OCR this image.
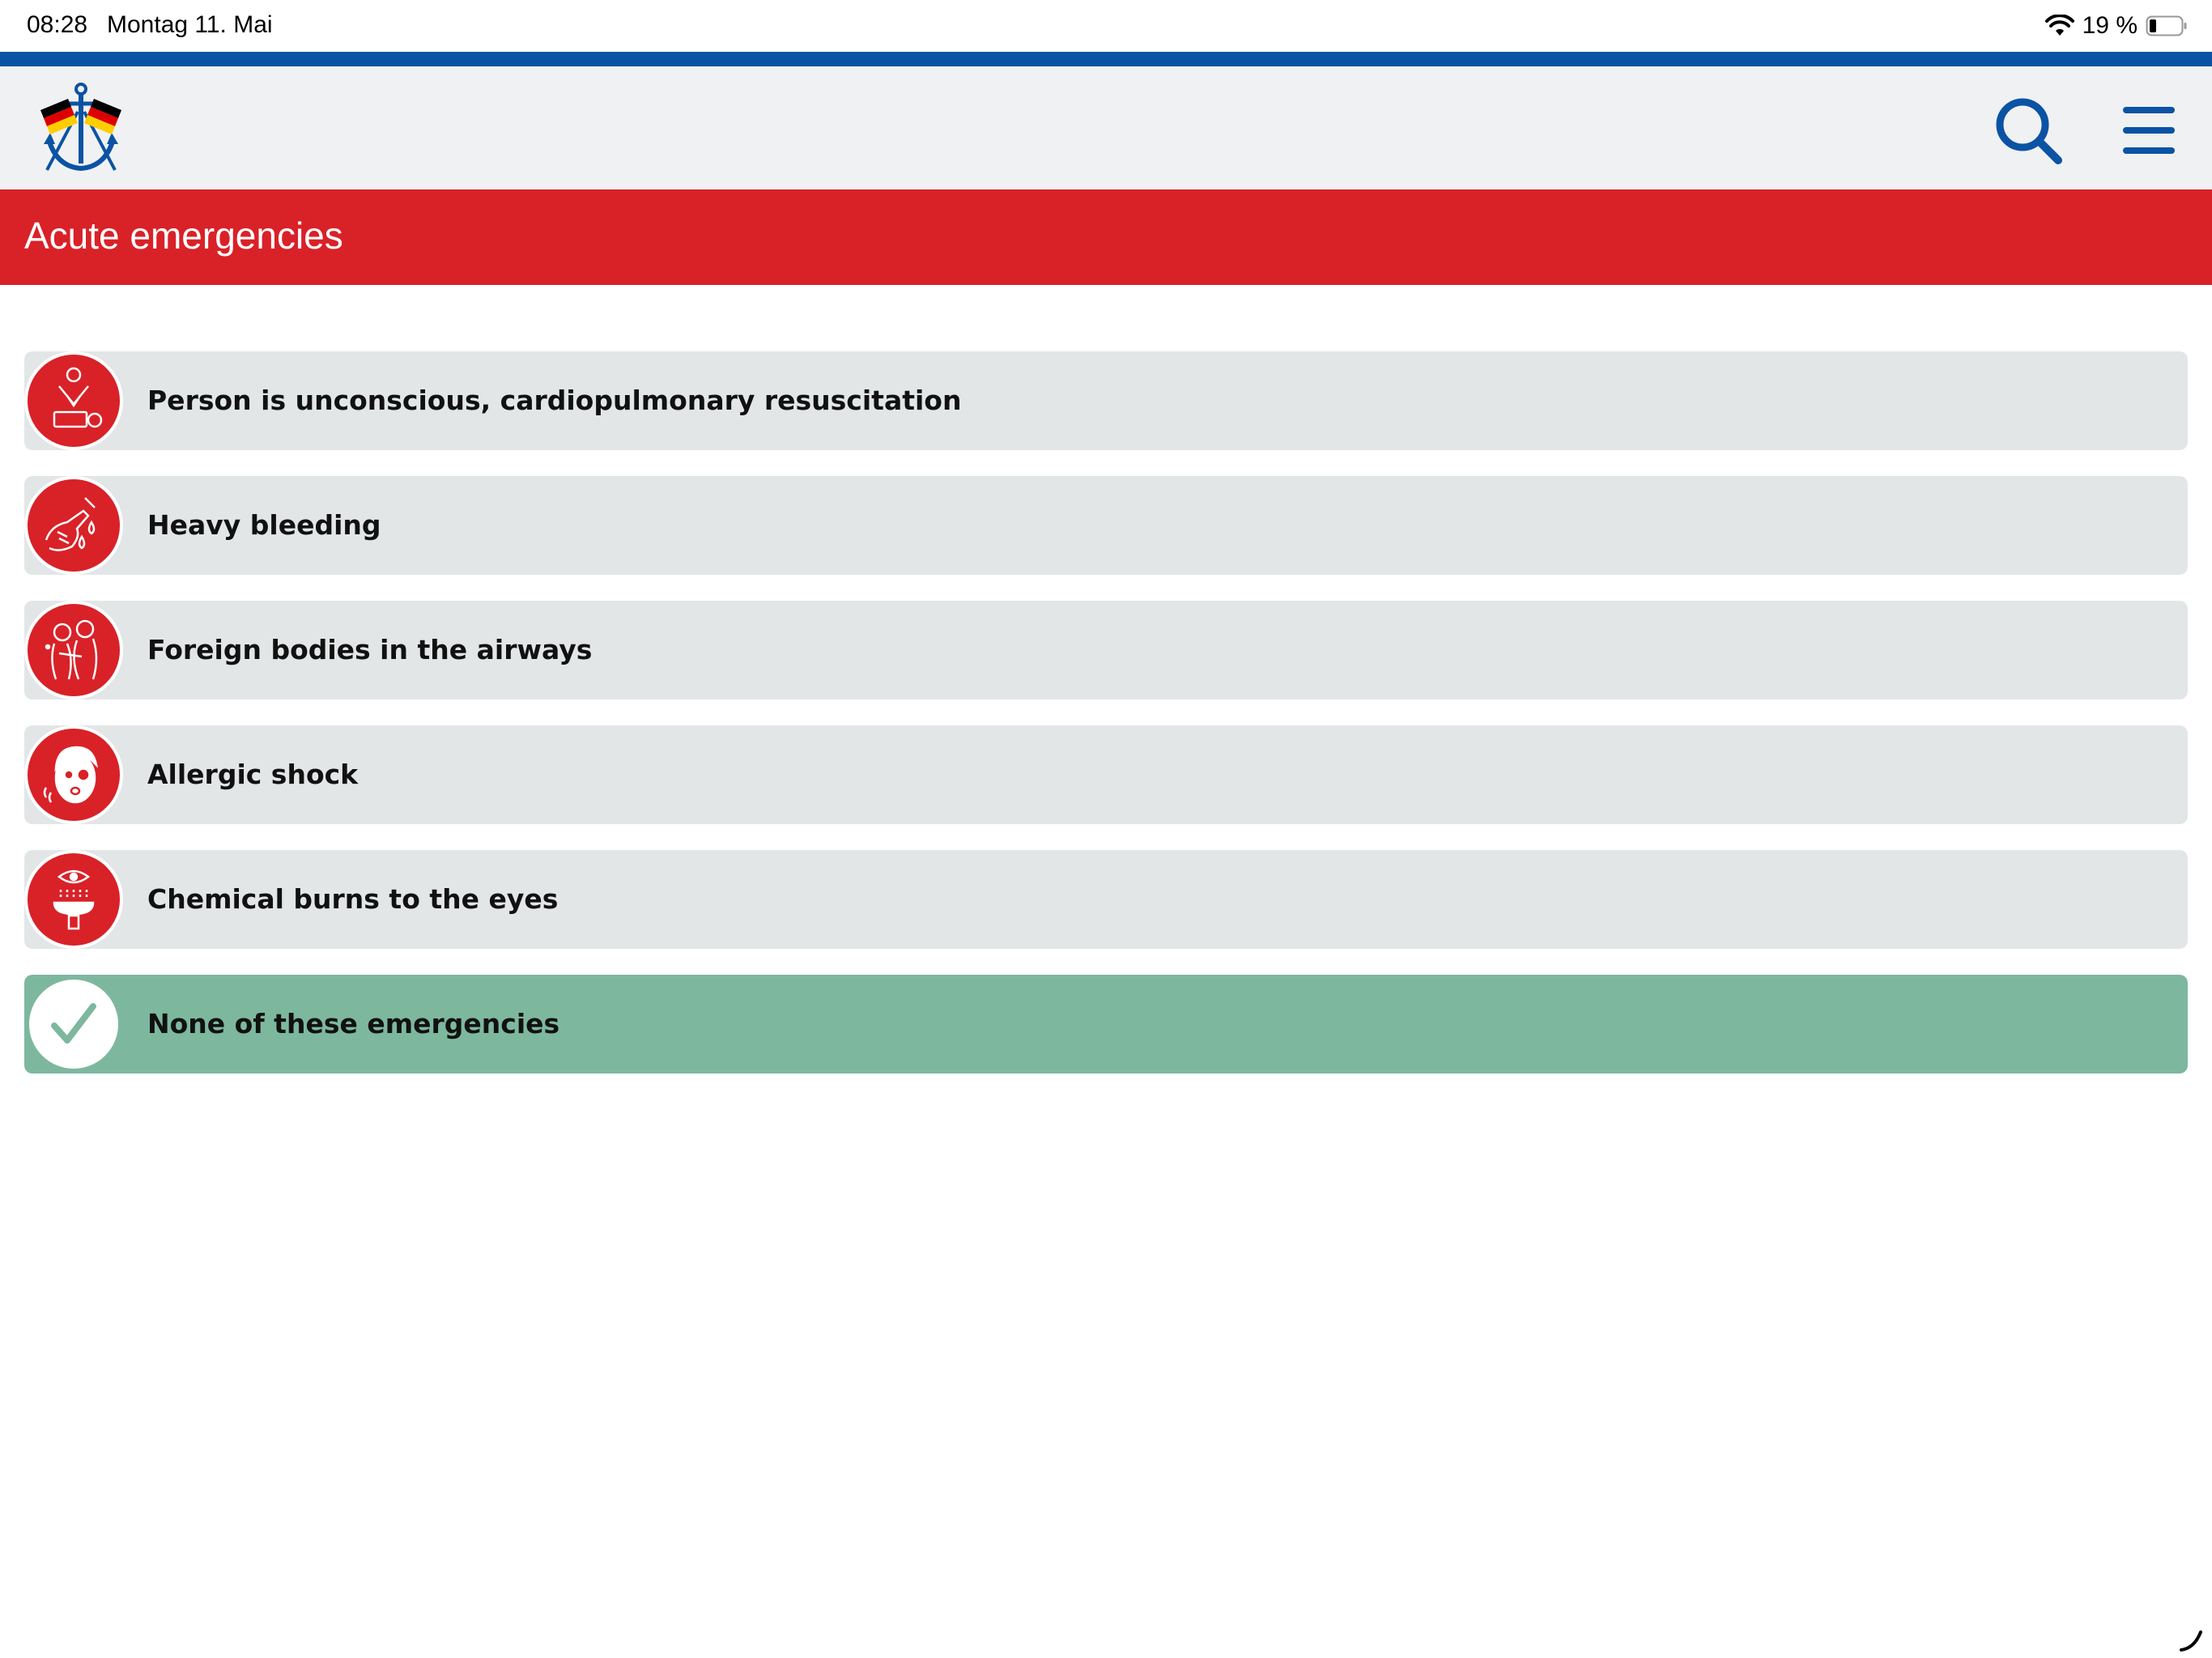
08:28 Montag 11. Mai	19 %
Acute emergencies
Person is unconscious, cardiopulmonary resuscitation
Heavy bleeding
Foreign bodies in the airways
Allergic shock
Chemical burns to the eyes
None of these emergencies
